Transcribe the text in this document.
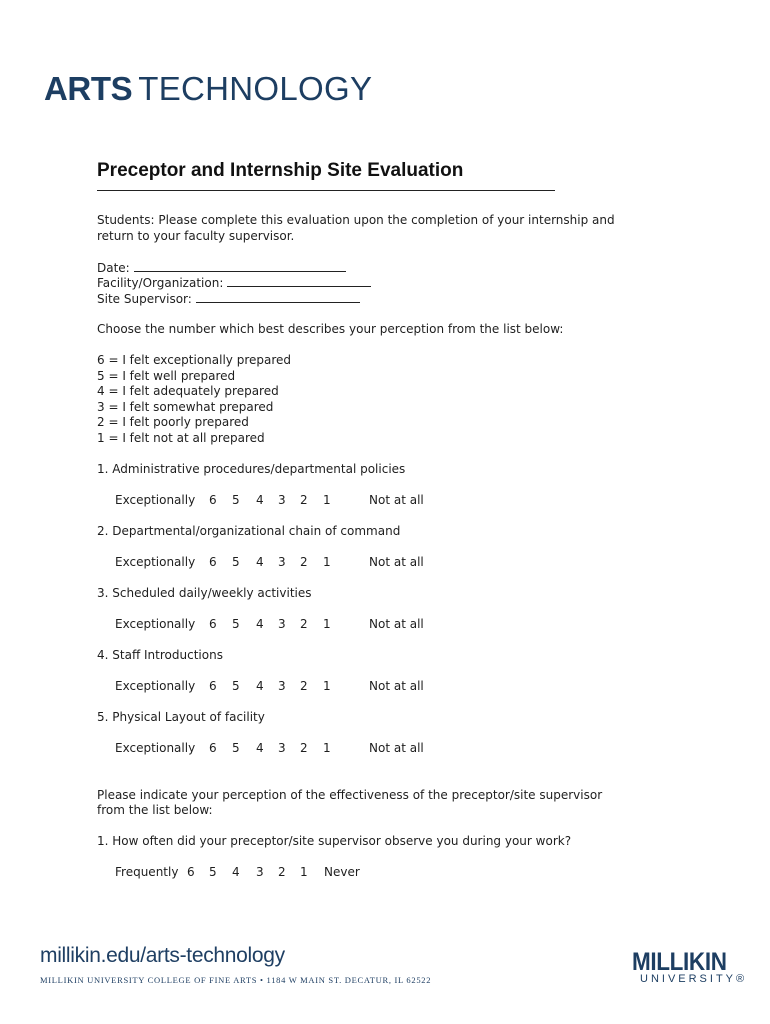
ARTS TECHNOLOGY
Preceptor and Internship Site Evaluation
Students: Please complete this evaluation upon the completion of your internship and
return to your faculty supervisor.
Date:
Facility/Organization:
Site Supervisor:
Choose the number which best describes your perception from the list below:
6 = I felt exceptionally prepared
5 = I felt well prepared
4 = I felt adequately prepared
3 = I felt somewhat prepared
2 = I felt poorly prepared
1 = I felt not at all prepared
1. Administrative procedures/departmental policies
Exceptionally 6 5 4 3 2 1	Not at all
2. Departmental/organizational chain of command
Exceptionally 6 5 4 3 2 1	Not at all
3. Scheduled daily/weekly activities
Exceptionally 6 5 4 3 2 1	Not at all
4. Staff Introductions
Exceptionally 6 5 4 3 2 1	Not at all
5. Physical Layout of facility
Exceptionally 6 5 4 3 2 1	Not at all
Please indicate your perception of the effectiveness of the preceptor/site supervisor
from the list below:
1. How often did your preceptor/site supervisor observe you during your work?
Frequently 6 5 4 3 2 1 Never
millikin.edu/arts-technology
MILLIKIN UNIVERSITY COLLEGE OF FINE ARTS • 1184 W MAIN ST. DECATUR, IL 62522
MILLIKIN
UNIVERSITY®
